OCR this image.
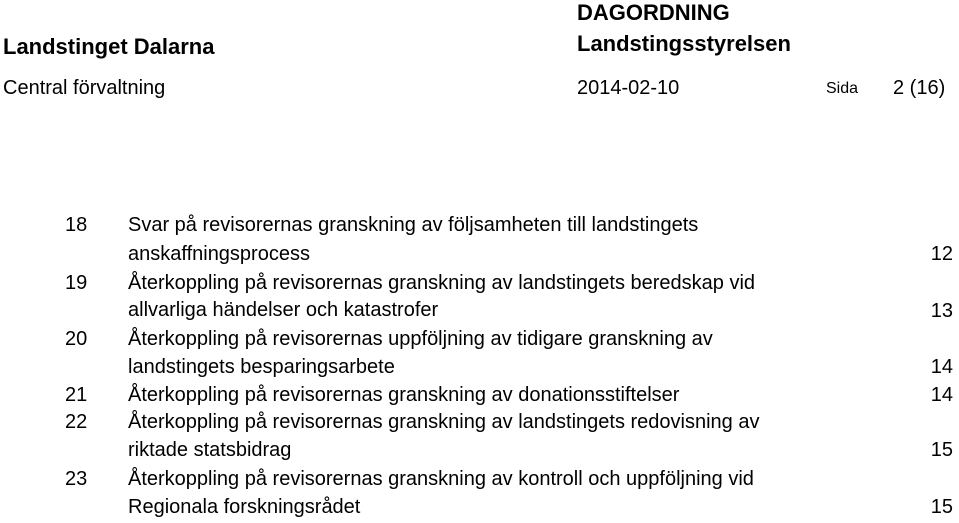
DAGORDNING
Landstinget Dalarna	Landstingsstyrelsen
Central förvaltning	2014-02-10	Sida 2 (16)
18 Svar på revisorernas granskning av följsamheten till landstingets
anskaffningsprocess	12
19 Återkoppling på revisorernas granskning av landstingets beredskap vid
allvarliga händelser och katastrofer	13
20 Återkoppling på revisorernas uppföljning av tidigare granskning av
landstingets besparingsarbete	14
21 Återkoppling på revisorernas granskning av donationsstiftelser	14
22 Återkoppling på revisorernas granskning av landstingets redovisning av
riktade statsbidrag	15
23 Återkoppling på revisorernas granskning av kontroll och uppföljning vid
Regionala forskningsrådet	15
